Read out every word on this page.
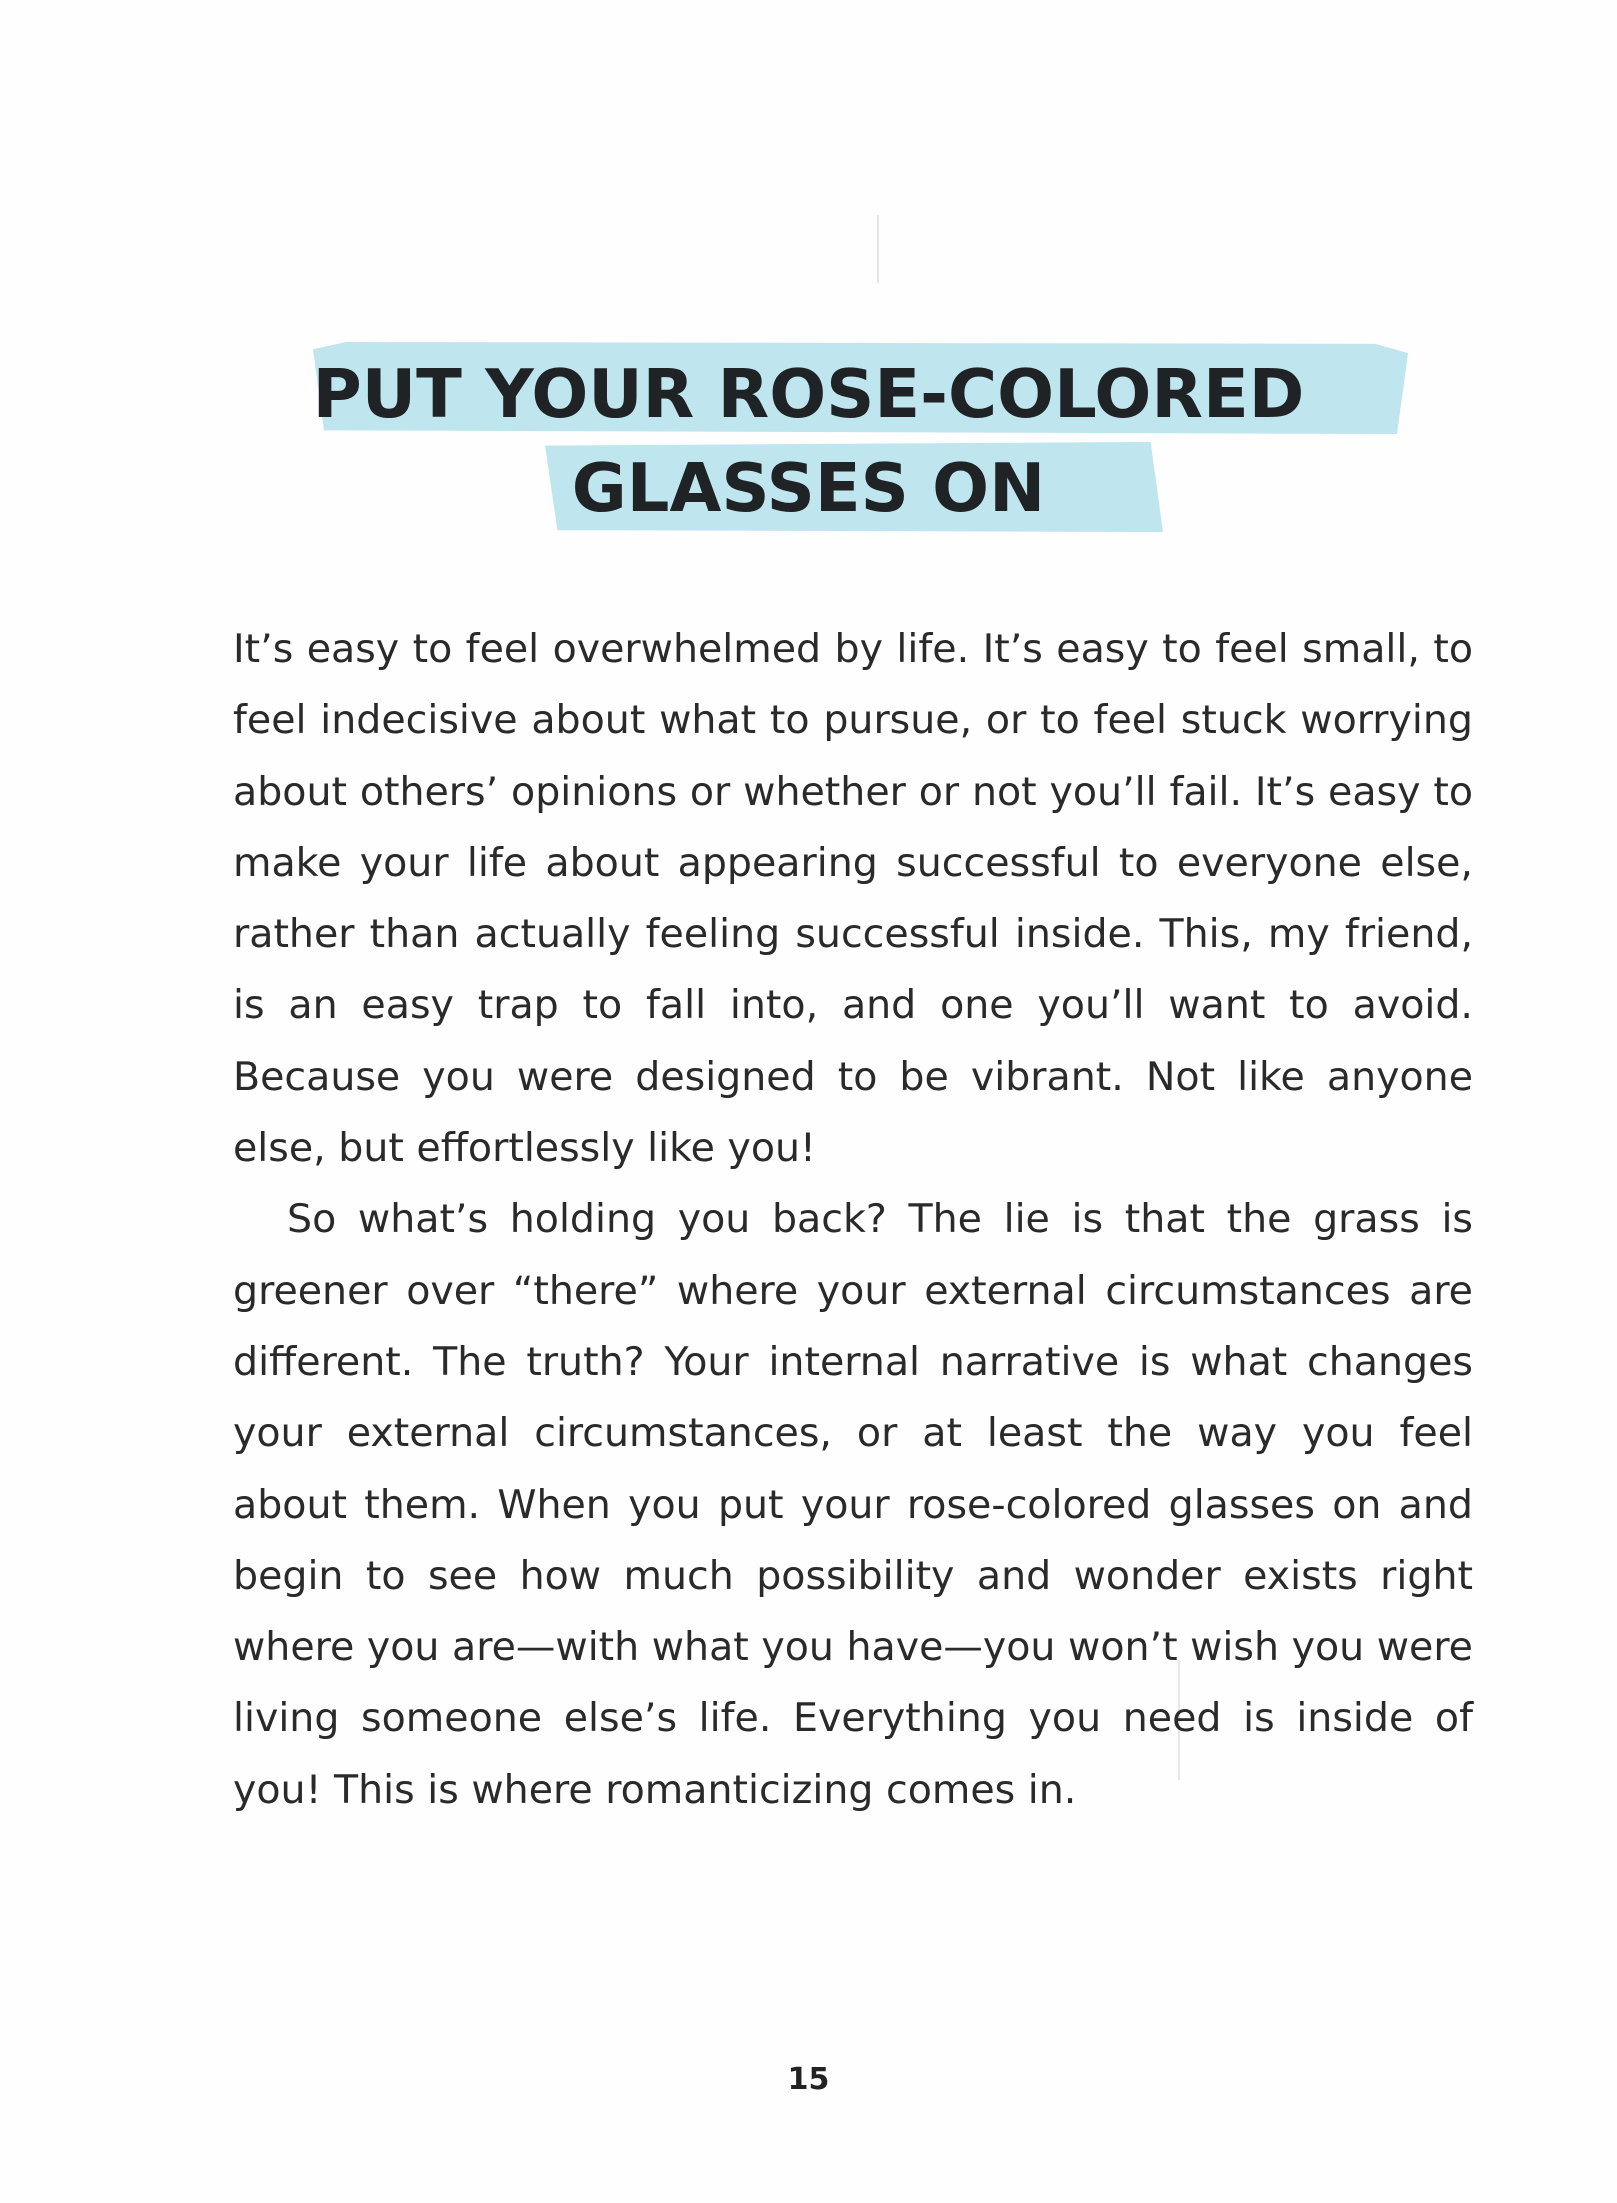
PUT YOUR ROSE-COLORED
GLASSES ON

It’s easy to feel overwhelmed by life. It’s easy to feel small, to feel indecisive about what to pursue, or to feel stuck worrying about others’ opinions or whether or not you’ll fail. It’s easy to make your life about appearing successful to everyone else, rather than actually feeling successful inside. This, my friend, is an easy trap to fall into, and one you’ll want to avoid. Because you were designed to be vibrant. Not like anyone else, but effortlessly like you!

So what’s holding you back? The lie is that the grass is greener over “there” where your external circumstances are different. The truth? Your internal narrative is what changes your external circumstances, or at least the way you feel about them. When you put your rose-colored glasses on and begin to see how much possibility and wonder exists right where you are—with what you have—you won’t wish you were living someone else’s life. Everything you need is inside of you! This is where romanticizing comes in.

15
